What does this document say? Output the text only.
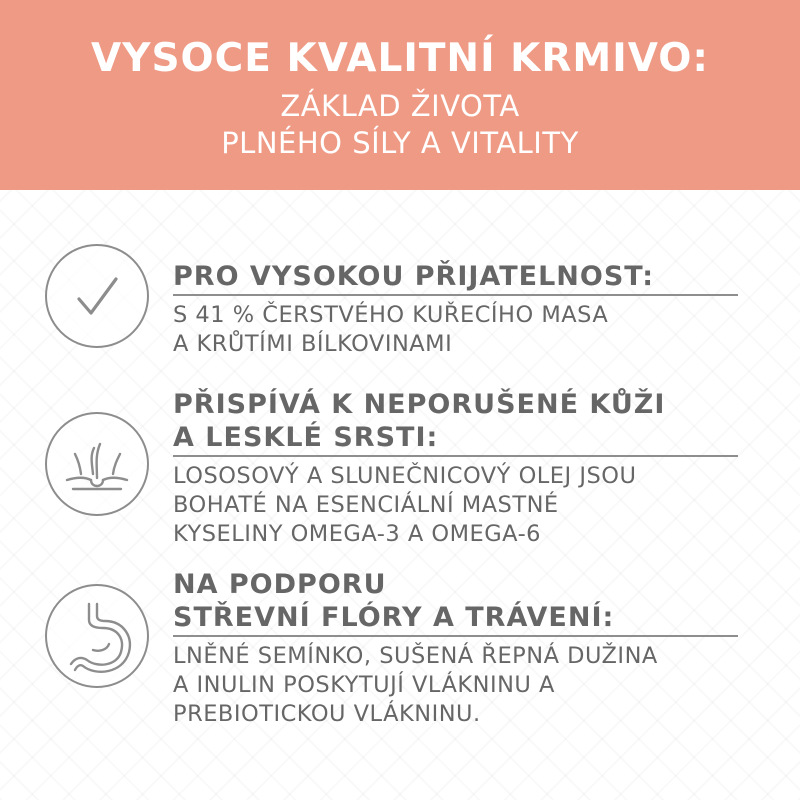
VYSOCE KVALITNÍ KRMIVO:
ZÁKLAD ŽIVOTA
PLNÉHO SÍLY A VITALITY
PRO VYSOKOU PŘIJATELNOST:
S 41 % ČERSTVÉHO KUŘECÍHO MASA
A KRŮTÍMI BÍLKOVINAMI
PŘISPÍVÁ K NEPORUŠENÉ KŮŽI
A LESKLÉ SRSTI:
LOSOSOVÝ A SLUNEČNICOVÝ OLEJ JSOU
BOHATÉ NA ESENCIÁLNÍ MASTNÉ
KYSELINY OMEGA-3 A OMEGA-6
NA PODPORU
STŘEVNÍ FLÓRY A TRÁVENÍ:
LNĚNÉ SEMÍNKO, SUŠENÁ ŘEPNÁ DUŽINA
A INULIN POSKYTUJÍ VLÁKNINU A
PREBIOTICKOU VLÁKNINU.
